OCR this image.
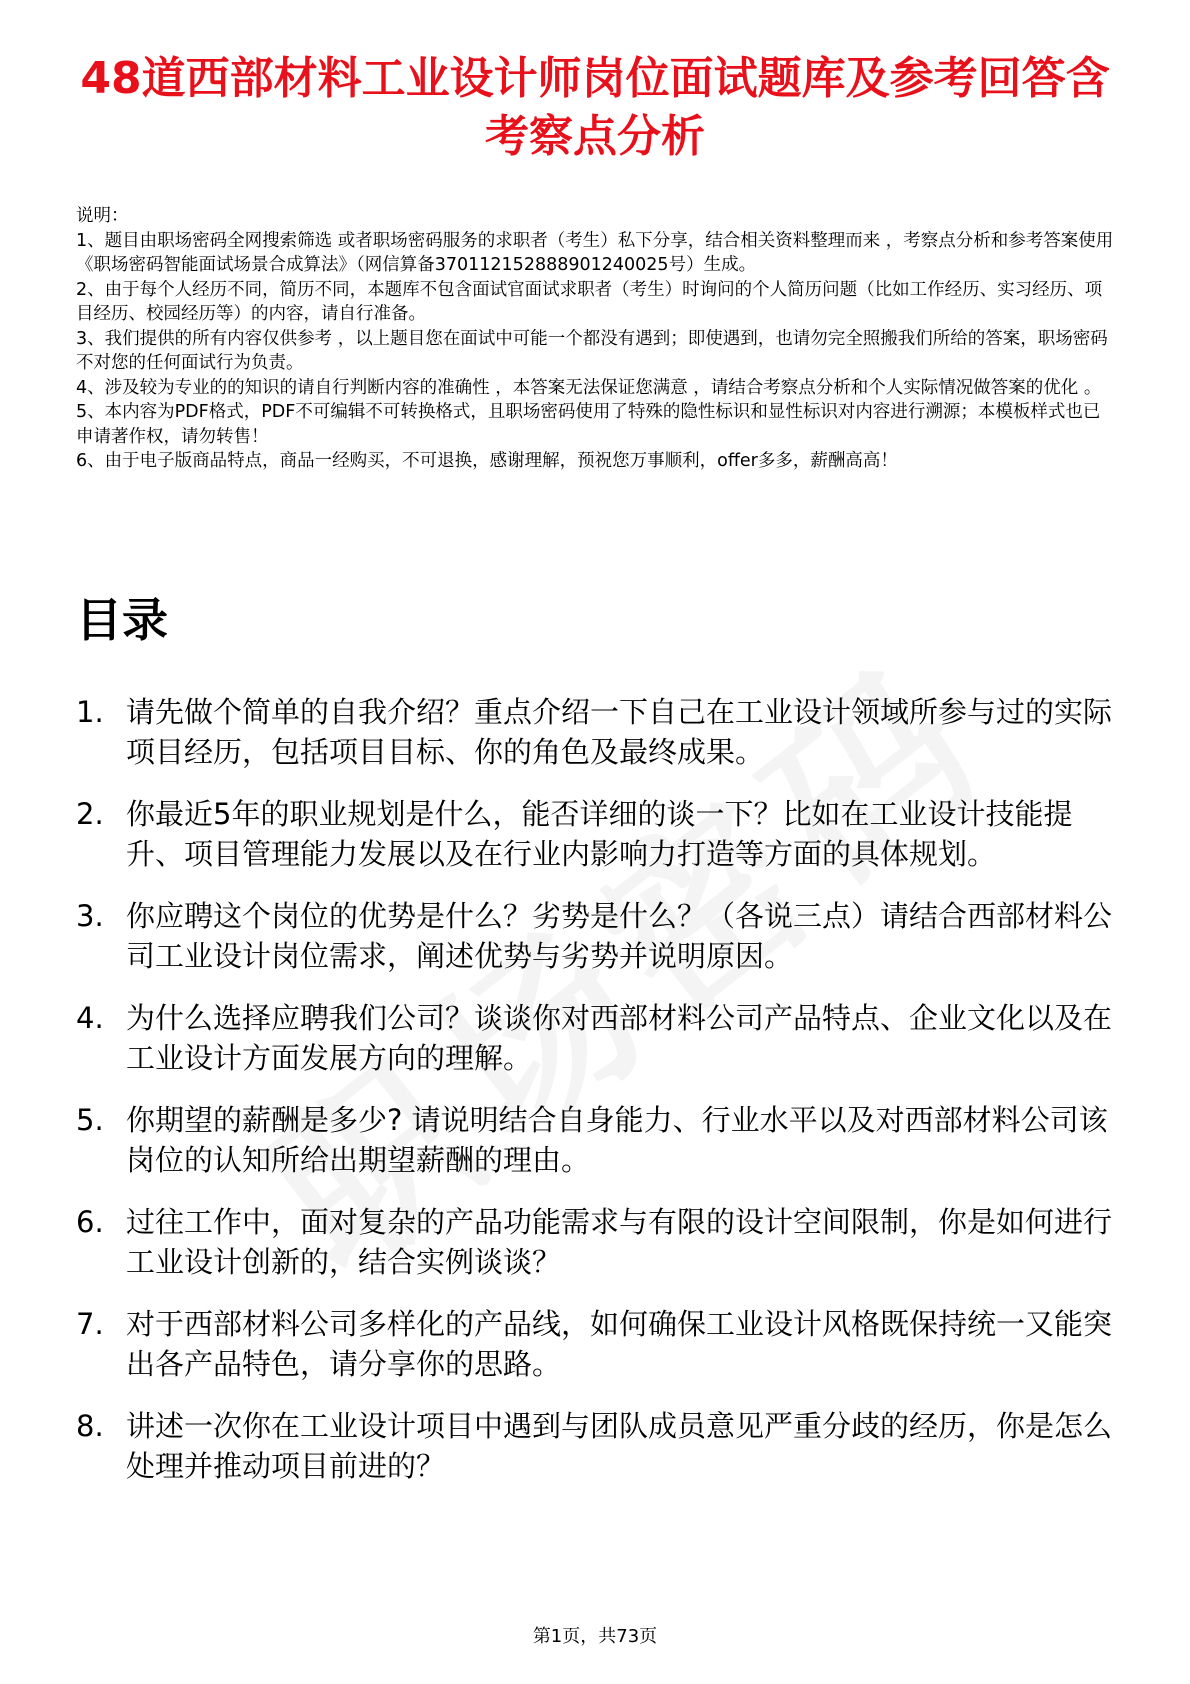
48道西部材料工业设计师岗位面试题库及参考回答含考察点分析

说明：

1、题目由职场密码全网搜索筛选 或者职场密码服务的求职者（考生）私下分享，结合相关资料整理而来 ，考察点分析和参考答案使用《职场密码智能面试场景合成算法》（网信算备370112152888901240025号）生成。

2、由于每个人经历不同，简历不同，本题库不包含面试官面试求职者（考生）时询问的个人简历问题（比如工作经历、实习经历、项目经历、校园经历等）的内容，请自行准备。

3、我们提供的所有内容仅供参考 ，以上题目您在面试中可能一个都没有遇到；即使遇到，也请勿完全照搬我们所给的答案，职场密码不对您的任何面试行为负责。

4、涉及较为专业的的知识的请自行判断内容的准确性 ，本答案无法保证您满意 ，请结合考察点分析和个人实际情况做答案的优化 。

5、本内容为PDF格式，PDF不可编辑不可转换格式，且职场密码使用了特殊的隐性标识和显性标识对内容进行溯源；本模板样式也已申请著作权，请勿转售！

6、由于电子版商品特点，商品一经购买，不可退换，感谢理解，预祝您万事顺利，offer多多，薪酬高高！

目录
1. 请先做个简单的自我介绍？重点介绍一下自己在工业设计领域所参与过的实际项目经历，包括项目目标、你的角色及最终成果。
2. 你最近5年的职业规划是什么，能否详细的谈一下？比如在工业设计技能提升、项目管理能力发展以及在行业内影响力打造等方面的具体规划。
3. 你应聘这个岗位的优势是什么？劣势是什么？（各说三点）请结合西部材料公司工业设计岗位需求，阐述优势与劣势并说明原因。
4. 为什么选择应聘我们公司？谈谈你对西部材料公司产品特点、企业文化以及在工业设计方面发展方向的理解。
5. 你期望的薪酬是多少? 请说明结合自身能力、行业水平以及对西部材料公司该岗位的认知所给出期望薪酬的理由。
6. 过往工作中，面对复杂的产品功能需求与有限的设计空间限制，你是如何进行工业设计创新的，结合实例谈谈？
7. 对于西部材料公司多样化的产品线，如何确保工业设计风格既保持统一又能突出各产品特色，请分享你的思路。
8. 讲述一次你在工业设计项目中遇到与团队成员意见严重分歧的经历，你是怎么处理并推动项目前进的？
第1页，共73页
